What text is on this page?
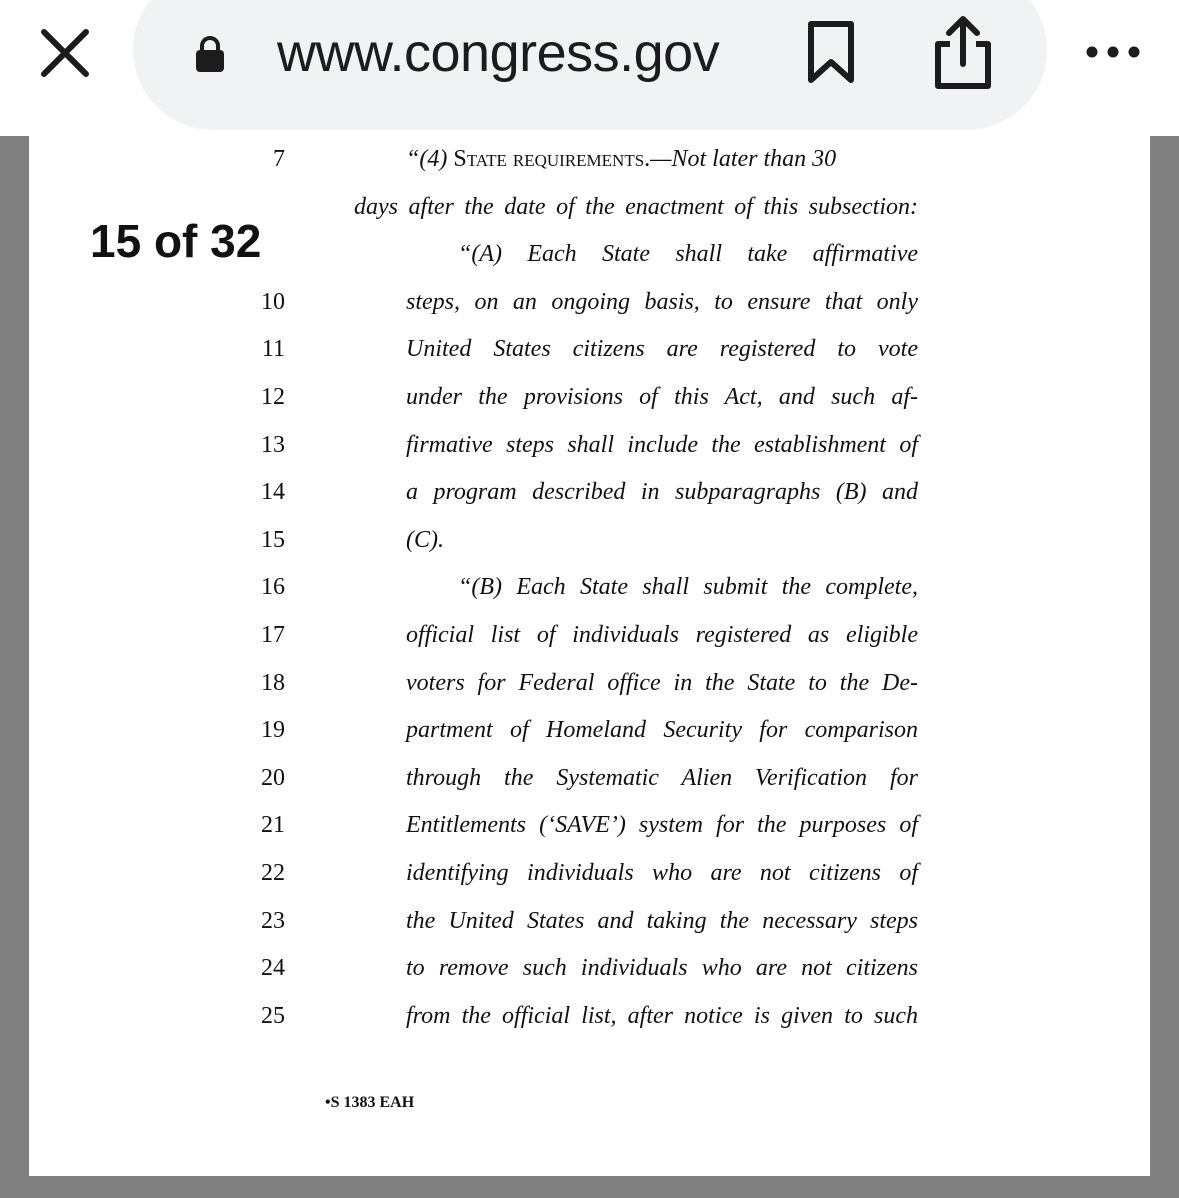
www.congress.gov
15 of 32
7
10
11
12
13
14
15
16
17
18
19
20
21
22
23
24
25
“(4) State requirements.—Not later than 30
days after the date of the enactment of this subsection:
“(A) Each State shall take affirmative
steps, on an ongoing basis, to ensure that only
United States citizens are registered to vote
under the provisions of this Act, and such af-
firmative steps shall include the establishment of
a program described in subparagraphs (B) and
(C).
“(B) Each State shall submit the complete,
official list of individuals registered as eligible
voters for Federal office in the State to the De-
partment of Homeland Security for comparison
through the Systematic Alien Verification for
Entitlements (‘SAVE’) system for the purposes of
identifying individuals who are not citizens of
the United States and taking the necessary steps
to remove such individuals who are not citizens
from the official list, after notice is given to such
•S 1383 EAH
